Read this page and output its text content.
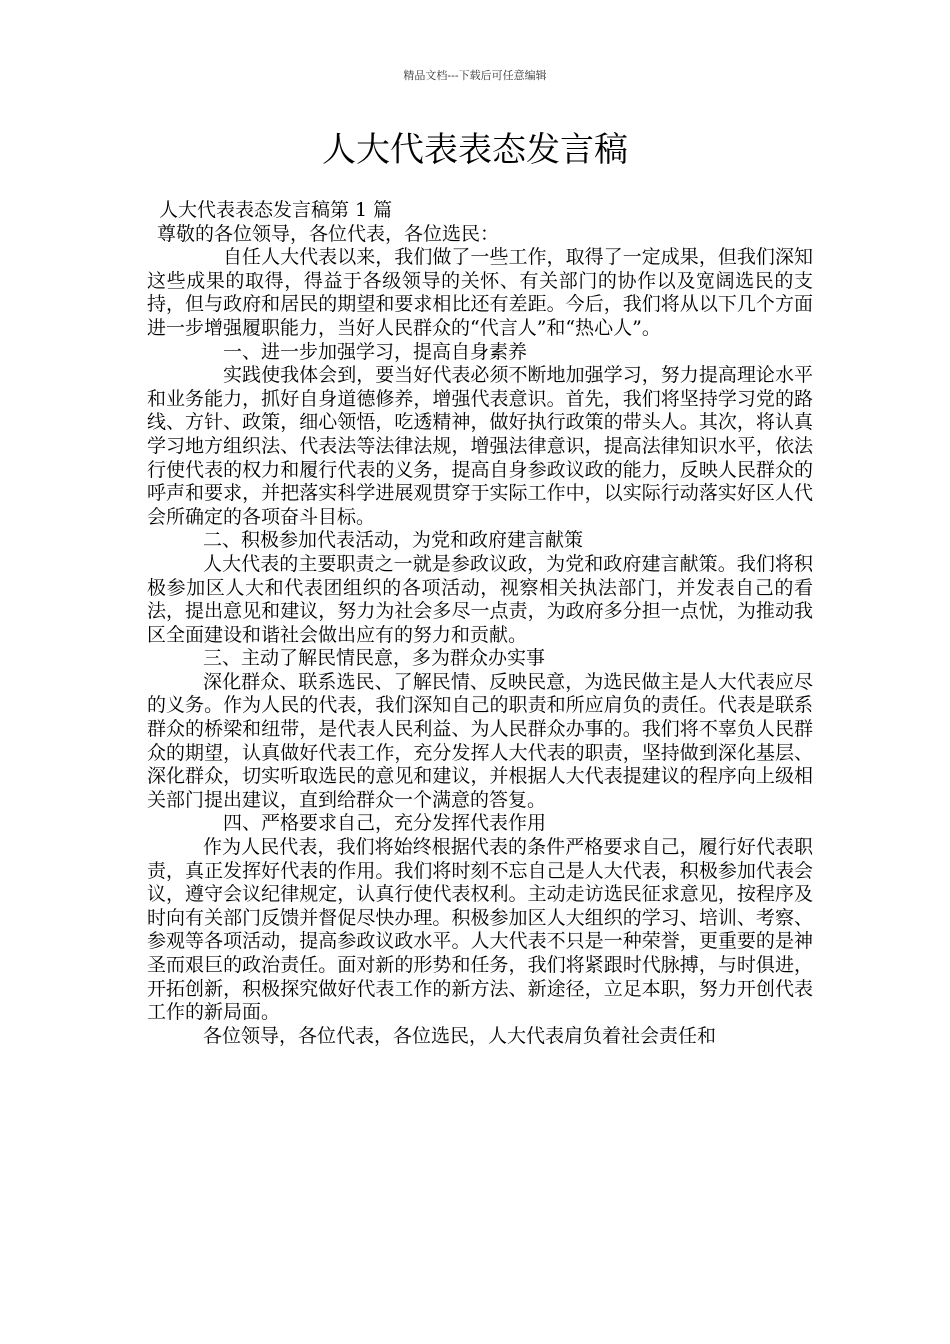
精品文档---下载后可任意编辑
人大代表表态发言稿

人大代表表态发言稿第 1 篇

尊敬的各位领导，各位代表，各位选民：

自任人大代表以来，我们做了一些工作，取得了一定成果，但我们深知这些成果的取得，得益于各级领导的关怀、有关部门的协作以及宽阔选民的支持，但与政府和居民的期望和要求相比还有差距。今后，我们将从以下几个方面进一步增强履职能力，当好人民群众的“代言人”和“热心人”。

一、进一步加强学习，提高自身素养

实践使我体会到，要当好代表必须不断地加强学习，努力提高理论水平和业务能力，抓好自身道德修养，增强代表意识。首先，我们将坚持学习党的路线、方针、政策，细心领悟，吃透精神，做好执行政策的带头人。其次，将认真学习地方组织法、代表法等法律法规，增强法律意识，提高法律知识水平，依法行使代表的权力和履行代表的义务，提高自身参政议政的能力，反映人民群众的呼声和要求，并把落实科学进展观贯穿于实际工作中，以实际行动落实好区人代会所确定的各项奋斗目标。

二、积极参加代表活动，为党和政府建言献策

人大代表的主要职责之一就是参政议政，为党和政府建言献策。我们将积极参加区人大和代表团组织的各项活动，视察相关执法部门，并发表自己的看法，提出意见和建议，努力为社会多尽一点责，为政府多分担一点忧，为推动我区全面建设和谐社会做出应有的努力和贡献。

三、主动了解民情民意，多为群众办实事

深化群众、联系选民、了解民情、反映民意，为选民做主是人大代表应尽的义务。作为人民的代表，我们深知自己的职责和所应肩负的责任。代表是联系群众的桥梁和纽带，是代表人民利益、为人民群众办事的。我们将不辜负人民群众的期望，认真做好代表工作，充分发挥人大代表的职责，坚持做到深化基层、深化群众，切实听取选民的意见和建议，并根据人大代表提建议的程序向上级相关部门提出建议，直到给群众一个满意的答复。

四、严格要求自己，充分发挥代表作用

作为人民代表，我们将始终根据代表的条件严格要求自己，履行好代表职责，真正发挥好代表的作用。我们将时刻不忘自己是人大代表，积极参加代表会议，遵守会议纪律规定，认真行使代表权利。主动走访选民征求意见，按程序及时向有关部门反馈并督促尽快办理。积极参加区人大组织的学习、培训、考察、参观等各项活动，提高参政议政水平。人大代表不只是一种荣誉，更重要的是神圣而艰巨的政治责任。面对新的形势和任务，我们将紧跟时代脉搏，与时俱进，开拓创新，积极探究做好代表工作的新方法、新途径，立足本职，努力开创代表工作的新局面。

各位领导，各位代表，各位选民，人大代表肩负着社会责任和
